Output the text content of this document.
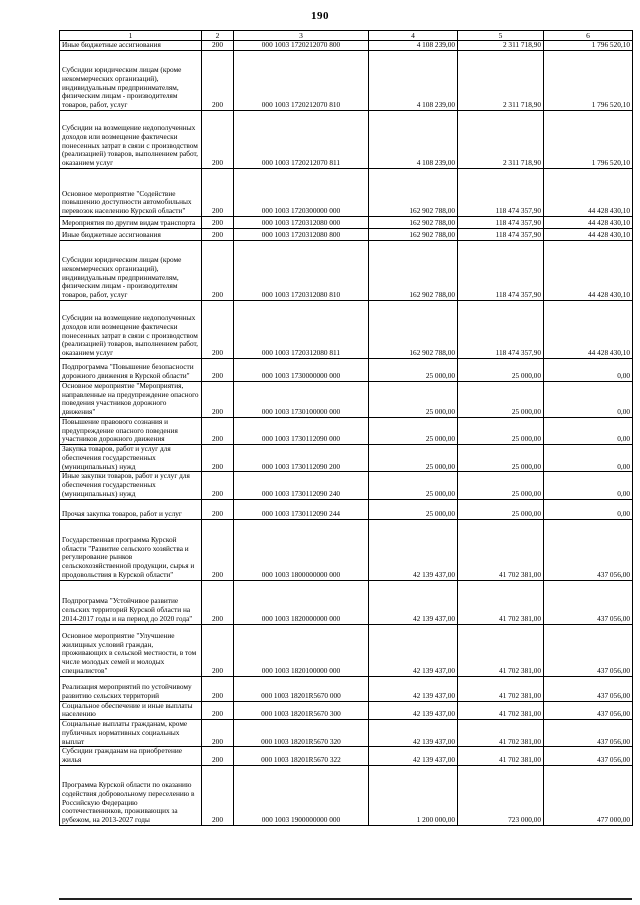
190
1	2	3	4	5	6
Иные бюджетные ассигнования	200	000 1003 1720212070 800	4 108 239,00	2 311 718,90	1 796 520,10
Субсидии юридическим лицам (кроме некоммерческих организаций), индивидуальным предпринимателям, физическим лицам - производителям товаров, работ, услуг	200	000 1003 1720212070 810	4 108 239,00	2 311 718,90	1 796 520,10
Субсидии на возмещение недополученных доходов или возмещение фактически понесенных затрат в связи с производством (реализацией) товаров, выполнением работ, оказанием услуг	200	000 1003 1720212070 811	4 108 239,00	2 311 718,90	1 796 520,10
Основное мероприятие "Содействие повышению доступности автомобильных перевозок населению Курской области"	200	000 1003 1720300000 000	162 902 788,00	118 474 357,90	44 428 430,10
Мероприятия по другим видам транспорта	200	000 1003 1720312080 000	162 902 788,00	118 474 357,90	44 428 430,10
Иные бюджетные ассигнования	200	000 1003 1720312080 800	162 902 788,00	118 474 357,90	44 428 430,10
Субсидии юридическим лицам (кроме некоммерческих организаций), индивидуальным предпринимателям, физическим лицам - производителям товаров, работ, услуг	200	000 1003 1720312080 810	162 902 788,00	118 474 357,90	44 428 430,10
Субсидии на возмещение недополученных доходов или возмещение фактически понесенных затрат в связи с производством (реализацией) товаров, выполнением работ, оказанием услуг	200	000 1003 1720312080 811	162 902 788,00	118 474 357,90	44 428 430,10
Подпрограмма "Повышение безопасности дорожного движения в Курской области"	200	000 1003 1730000000 000	25 000,00	25 000,00	0,00
Основное мероприятие "Мероприятия, направленные на предупреждение опасного поведения участников дорожного движения"	200	000 1003 1730100000 000	25 000,00	25 000,00	0,00
Повышение правового сознания и предупреждение опасного поведения участников дорожного движения	200	000 1003 1730112090 000	25 000,00	25 000,00	0,00
Закупка товаров, работ и услуг для обеспечения государственных (муниципальных) нужд	200	000 1003 1730112090 200	25 000,00	25 000,00	0,00
Иные закупки товаров, работ и услуг для обеспечения государственных (муниципальных) нужд	200	000 1003 1730112090 240	25 000,00	25 000,00	0,00
Прочая закупка товаров, работ и услуг	200	000 1003 1730112090 244	25 000,00	25 000,00	0,00
Государственная программа Курской области "Развитие сельского хозяйства и регулирование рынков сельскохозяйственной продукции, сырья и продовольствия в Курской области"	200	000 1003 1800000000 000	42 139 437,00	41 702 381,00	437 056,00
Подпрограмма "Устойчивое развитие сельских территорий Курской области на 2014-2017 годы и на период до 2020 года"	200	000 1003 1820000000 000	42 139 437,00	41 702 381,00	437 056,00
Основное мероприятие "Улучшение жилищных условий граждан, проживающих в сельской местности, в том числе молодых семей и молодых специалистов"	200	000 1003 1820100000 000	42 139 437,00	41 702 381,00	437 056,00
Реализация мероприятий по устойчивому развитию сельских территорий	200	000 1003 18201R5670 000	42 139 437,00	41 702 381,00	437 056,00
Социальное обеспечение и иные выплаты населению	200	000 1003 18201R5670 300	42 139 437,00	41 702 381,00	437 056,00
Социальные выплаты гражданам, кроме публичных нормативных социальных выплат	200	000 1003 18201R5670 320	42 139 437,00	41 702 381,00	437 056,00
Субсидии гражданам на приобретение жилья	200	000 1003 18201R5670 322	42 139 437,00	41 702 381,00	437 056,00
Программа Курской области по оказанию содействия добровольному переселению в Российскую Федерацию соотечественников, проживающих за рубежом, на 2013-2027 годы	200	000 1003 1900000000 000	1 200 000,00	723 000,00	477 000,00
